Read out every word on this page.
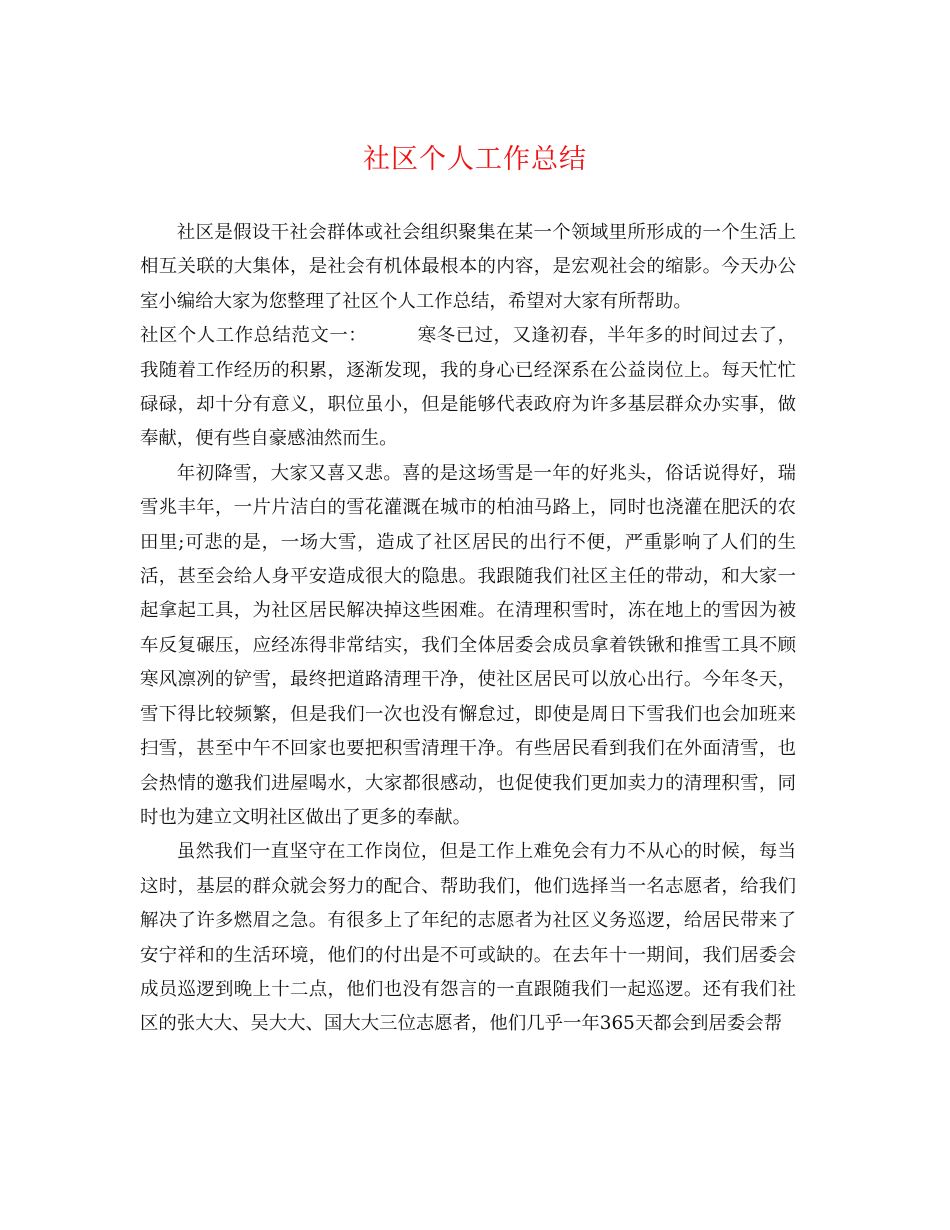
社区个人工作总结

社区是假设干社会群体或社会组织聚集在某一个领域里所形成的一个生活上相互关联的大集体，是社会有机体最根本的内容，是宏观社会的缩影。今天办公室小编给大家为您整理了社区个人工作总结，希望对大家有所帮助。

社区个人工作总结范文一：	寒冬已过，又逢初春，半年多的时间过去了，我随着工作经历的积累，逐渐发现，我的身心已经深系在公益岗位上。每天忙忙碌碌，却十分有意义，职位虽小，但是能够代表政府为许多基层群众办实事，做奉献，便有些自豪感油然而生。

年初降雪，大家又喜又悲。喜的是这场雪是一年的好兆头，俗话说得好，瑞雪兆丰年，一片片洁白的雪花灌溉在城市的柏油马路上，同时也浇灌在肥沃的农田里;可悲的是，一场大雪，造成了社区居民的出行不便，严重影响了人们的生活，甚至会给人身平安造成很大的隐患。我跟随我们社区主任的带动，和大家一起拿起工具，为社区居民解决掉这些困难。在清理积雪时，冻在地上的雪因为被车反复碾压，应经冻得非常结实，我们全体居委会成员拿着铁锹和推雪工具不顾寒风凛冽的铲雪，最终把道路清理干净，使社区居民可以放心出行。今年冬天，雪下得比较频繁，但是我们一次也没有懈怠过，即使是周日下雪我们也会加班来扫雪，甚至中午不回家也要把积雪清理干净。有些居民看到我们在外面清雪，也会热情的邀我们进屋喝水，大家都很感动，也促使我们更加卖力的清理积雪，同时也为建立文明社区做出了更多的奉献。

虽然我们一直坚守在工作岗位，但是工作上难免会有力不从心的时候，每当这时，基层的群众就会努力的配合、帮助我们，他们选择当一名志愿者，给我们解决了许多燃眉之急。有很多上了年纪的志愿者为社区义务巡逻，给居民带来了安宁祥和的生活环境，他们的付出是不可或缺的。在去年十一期间，我们居委会成员巡逻到晚上十二点，他们也没有怨言的一直跟随我们一起巡逻。还有我们社区的张大大、吴大大、国大大三位志愿者，他们几乎一年365天都会到居委会帮
